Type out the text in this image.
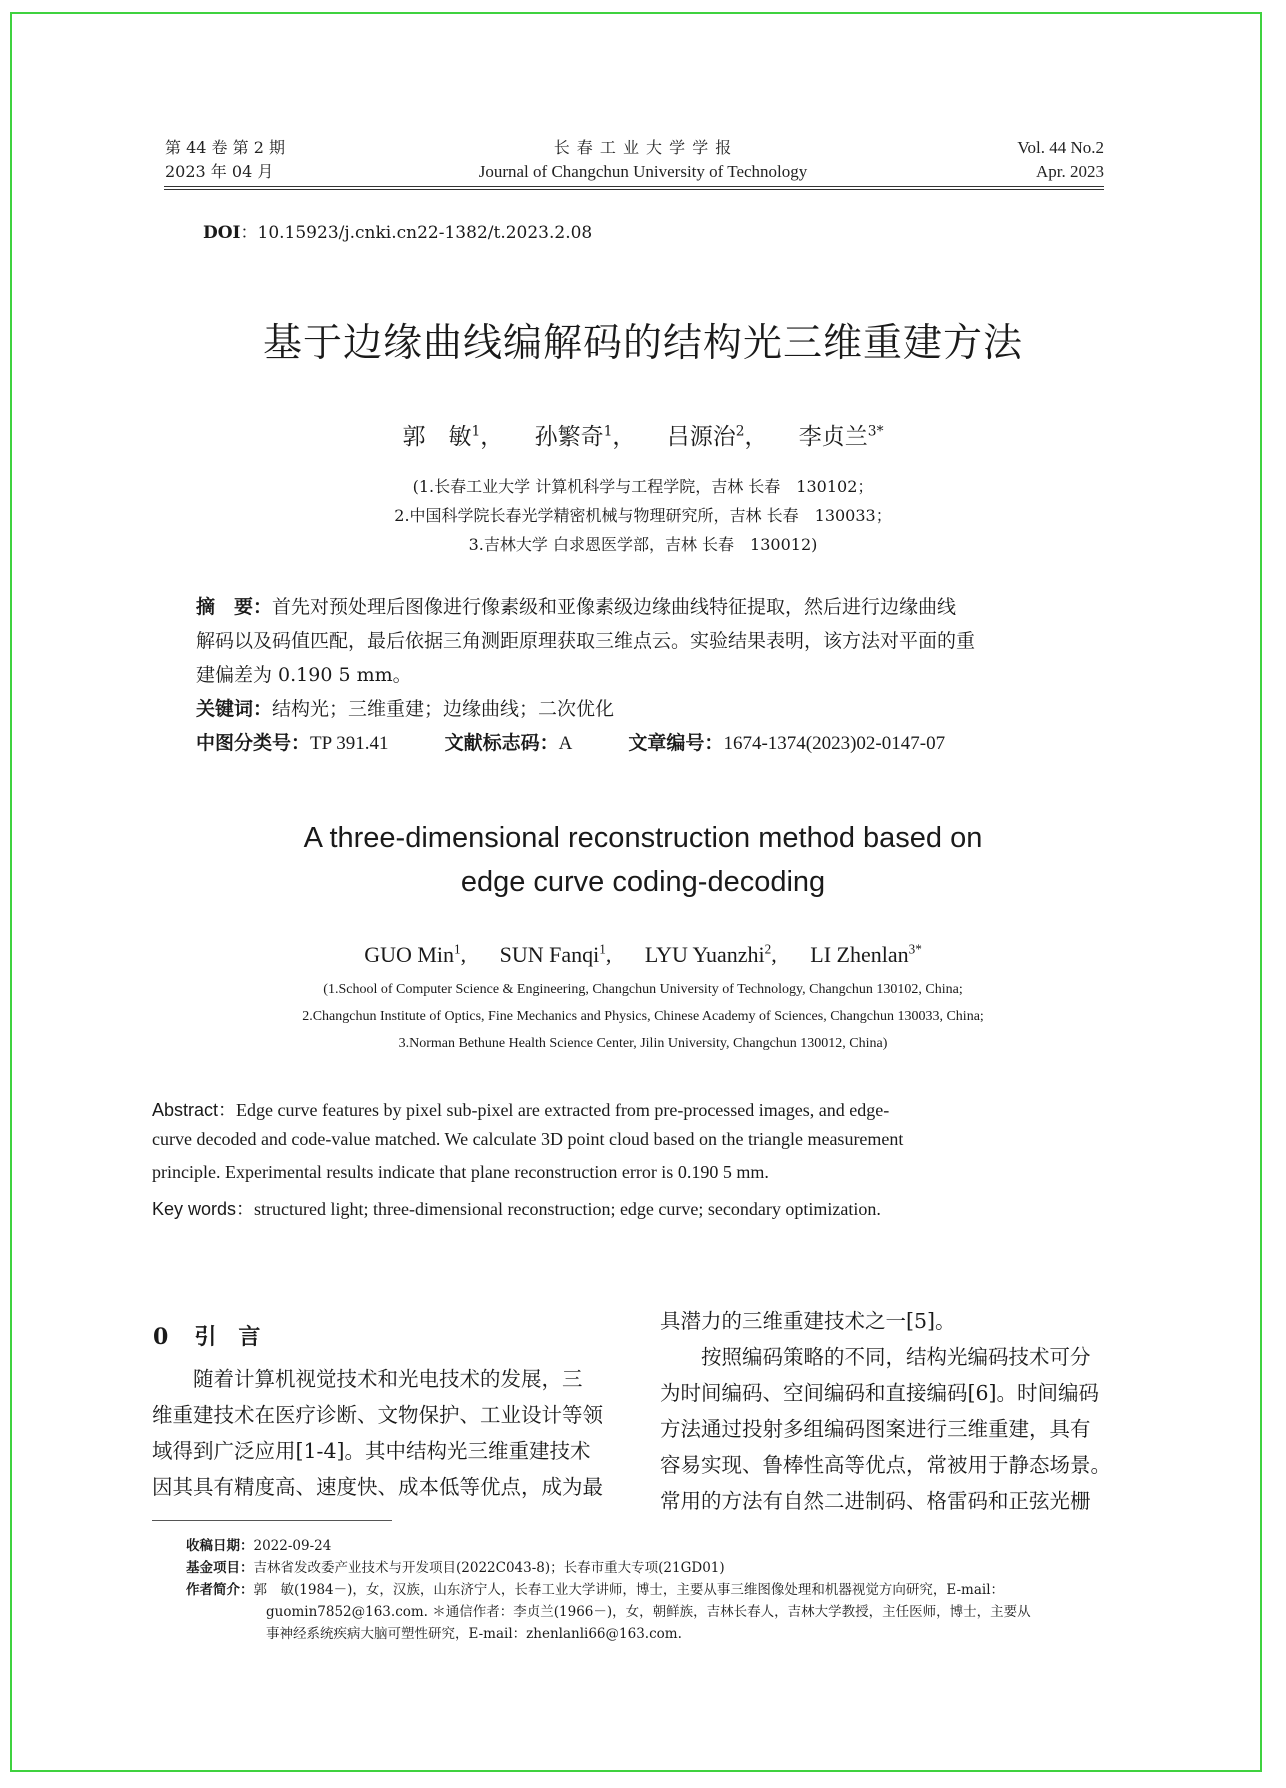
第 44 卷 第 2 期
2023 年 04 月
长 春 工 业 大 学 学 报
Journal of Changchun University of Technology
Vol. 44 No.2
Apr. 2023
DOI：10.15923/j.cnki.cn22-1382/t.2023.2.08
基于边缘曲线编解码的结构光三维重建方法
郭　敏$^1$， 孙繁奇$^1$， 吕源治$^2$， 李贞兰$^{3*}$
(1.长春工业大学 计算机科学与工程学院，吉林 长春　130102；
2.中国科学院长春光学精密机械与物理研究所，吉林 长春　130033；
3.吉林大学 白求恩医学部，吉林 长春　130012)
摘　要：首先对预处理后图像进行像素级和亚像素级边缘曲线特征提取，然后进行边缘曲线
解码以及码值匹配，最后依据三角测距原理获取三维点云。实验结果表明，该方法对平面的重
建偏差为 0.190 5 mm。
关键词：结构光；三维重建；边缘曲线；二次优化
中图分类号：TP 391.41	文献标志码：A	文章编号：1674-1374(2023)02-0147-07
A three-dimensional reconstruction method based on
edge curve coding-decoding
GUO Min$^1$, SUN Fanqi$^1$, LYU Yuanzhi$^2$, LI Zhenlan$^{3*}$
(1.School of Computer Science & Engineering, Changchun University of Technology, Changchun 130102, China;
2.Changchun Institute of Optics, Fine Mechanics and Physics, Chinese Academy of Sciences, Changchun 130033, China;
3.Norman Bethune Health Science Center, Jilin University, Changchun 130012, China)
Abstract：Edge curve features by pixel sub-pixel are extracted from pre-processed images, and edge-
curve decoded and code-value matched. We calculate 3D point cloud based on the triangle measurement
principle. Experimental results indicate that plane reconstruction error is 0.190 5 mm.
Key words：structured light; three-dimensional reconstruction; edge curve; secondary optimization.
0 引　言
　　随着计算机视觉技术和光电技术的发展，三
维重建技术在医疗诊断、文物保护、工业设计等领
域得到广泛应用[1-4]。其中结构光三维重建技术
因其具有精度高、速度快、成本低等优点，成为最
具潜力的三维重建技术之一[5]。
　　按照编码策略的不同，结构光编码技术可分
为时间编码、空间编码和直接编码[6]。时间编码
方法通过投射多组编码图案进行三维重建，具有
容易实现、鲁棒性高等优点，常被用于静态场景。
常用的方法有自然二进制码、格雷码和正弦光栅
收稿日期：2022-09-24
基金项目：吉林省发改委产业技术与开发项目(2022C043-8)；长春市重大专项(21GD01)
作者简介：郭　敏(1984－)，女，汉族，山东济宁人，长春工业大学讲师，博士，主要从事三维图像处理和机器视觉方向研究，E-mail：
guomin7852@163.com. ＊通信作者：李贞兰(1966－)，女，朝鲜族，吉林长春人，吉林大学教授，主任医师，博士，主要从
事神经系统疾病大脑可塑性研究，E-mail：zhenlanli66@163.com.
